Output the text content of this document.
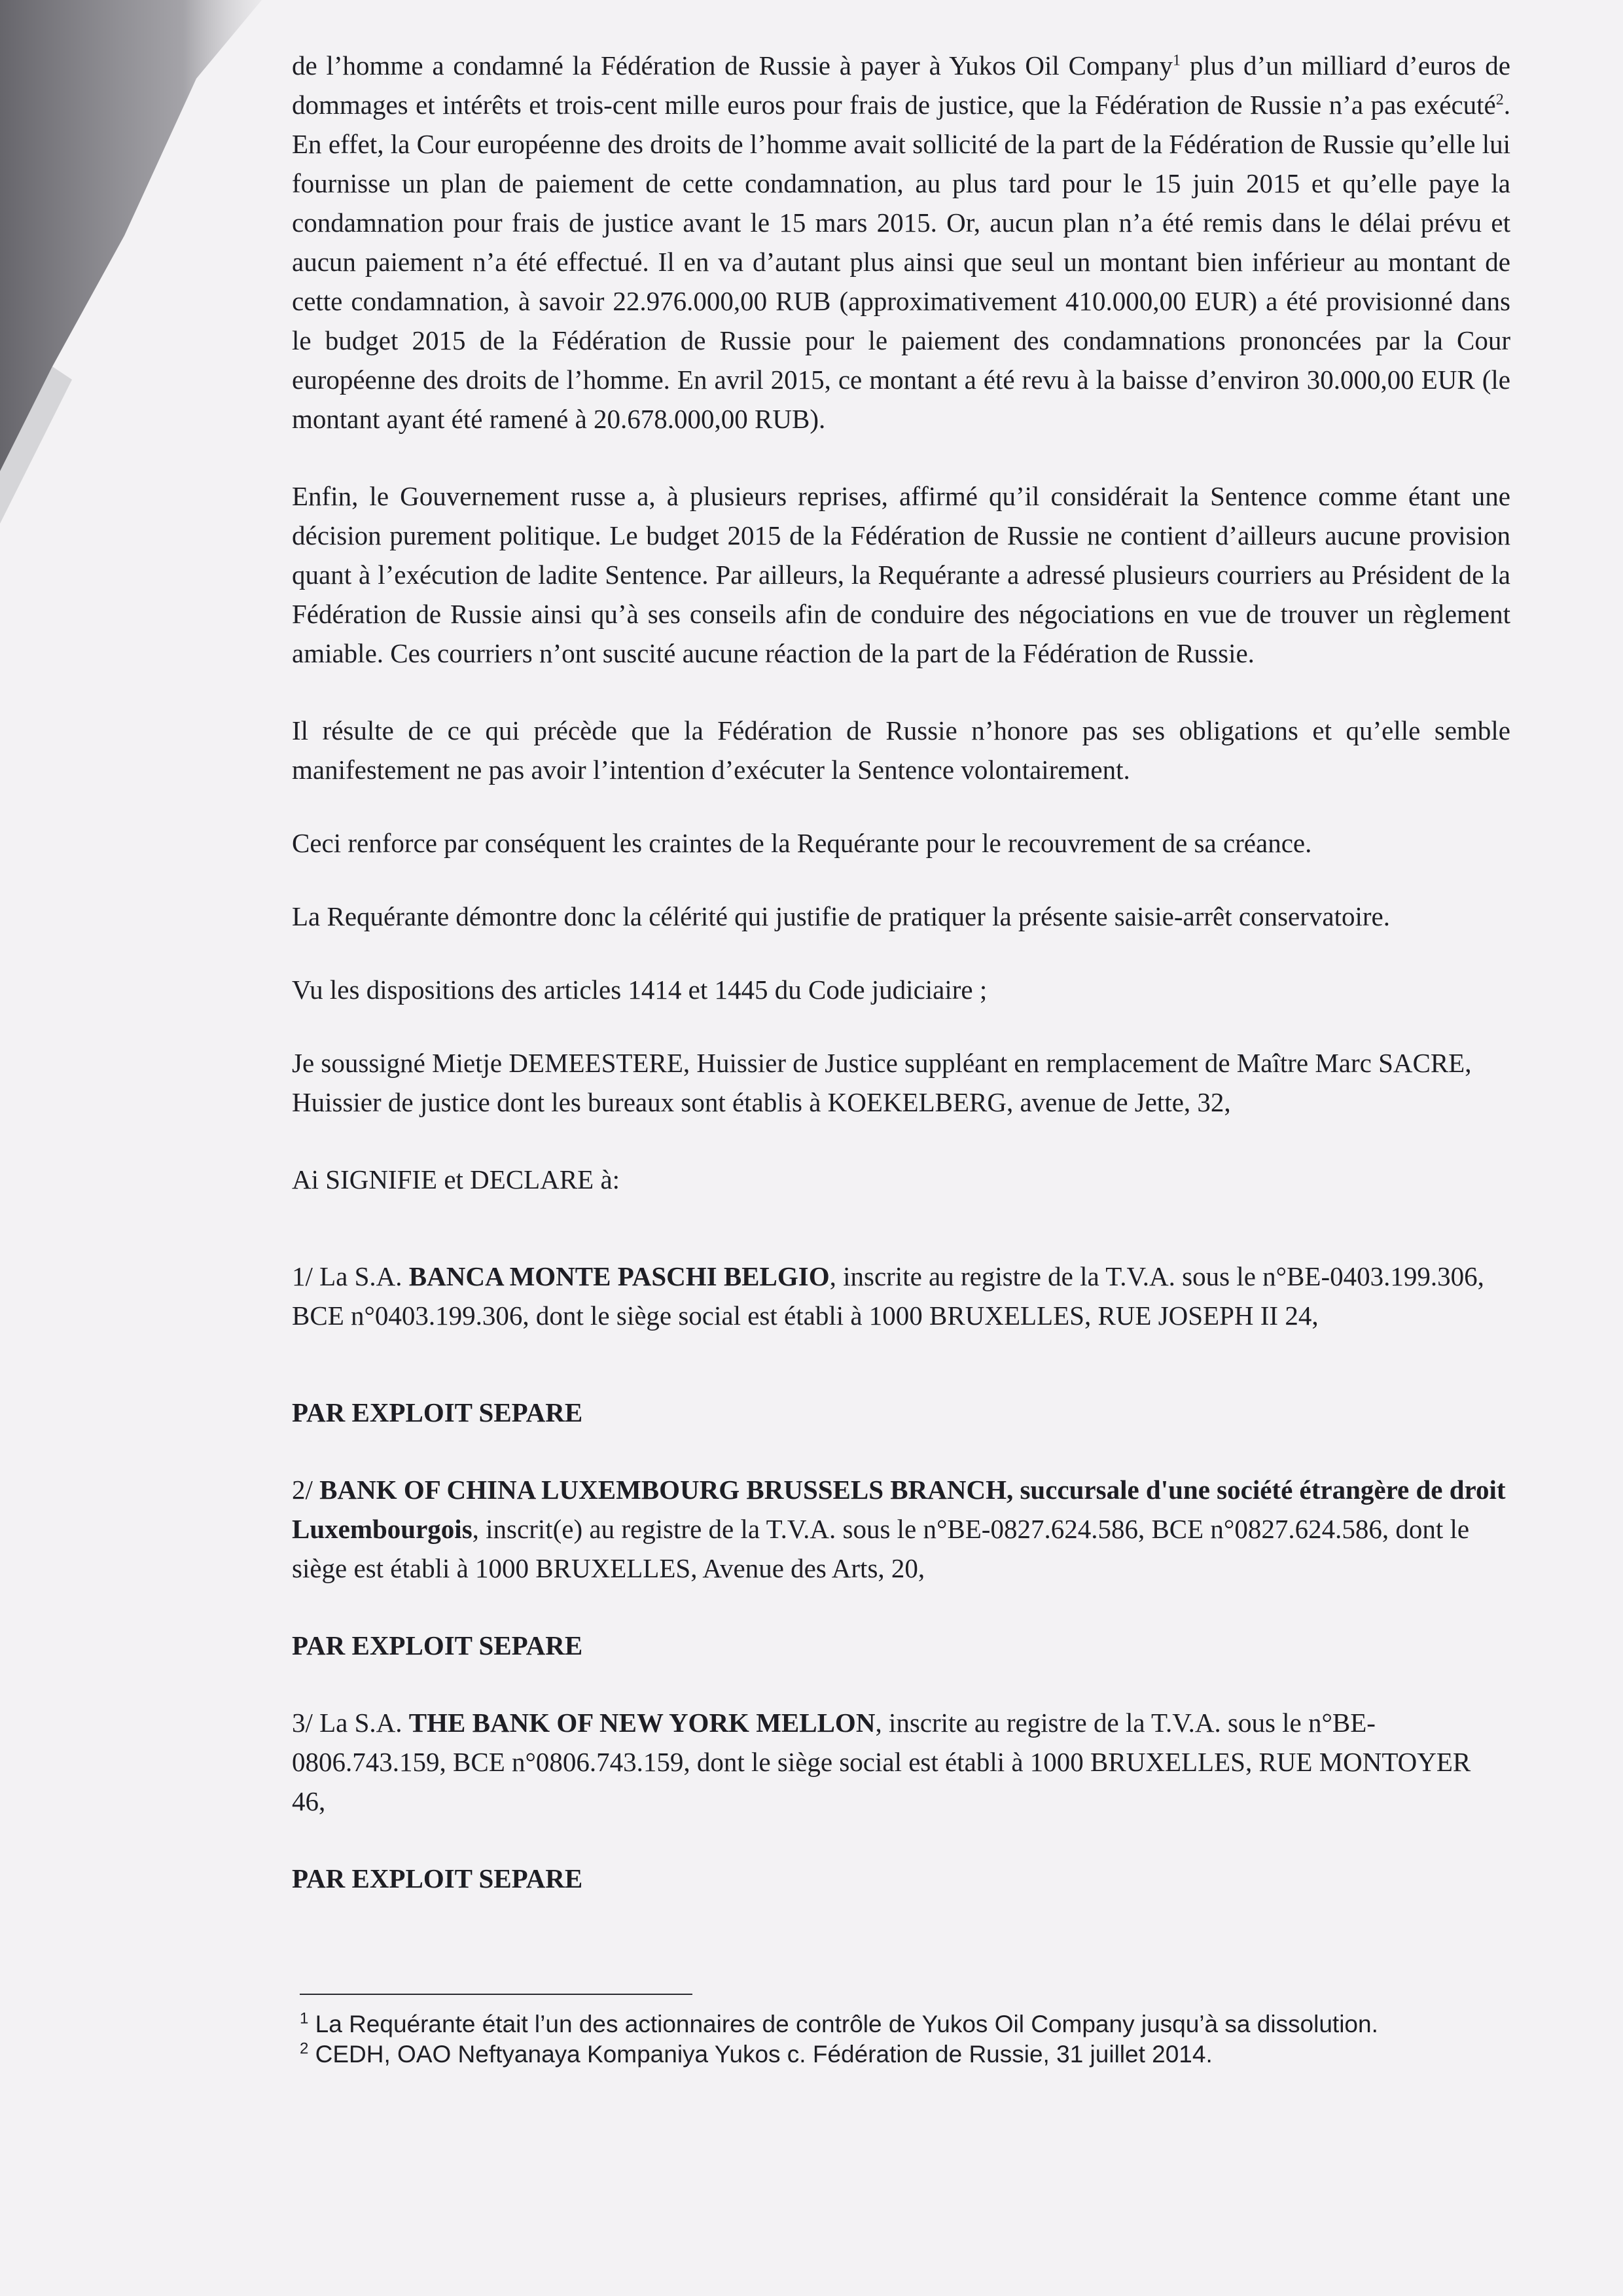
de l’homme a condamné la Fédération de Russie à payer à Yukos Oil Company$^1$ plus d’un milliard d’euros de dommages et intérêts et trois-cent mille euros pour frais de justice, que la Fédération de Russie n’a pas exécuté$^2$. En effet, la Cour européenne des droits de l’homme avait sollicité de la part de la Fédération de Russie qu’elle lui fournisse un plan de paiement de cette condamnation, au plus tard pour le 15 juin 2015 et qu’elle paye la condamnation pour frais de justice avant le 15 mars 2015. Or, aucun plan n’a été remis dans le délai prévu et aucun paiement n’a été effectué. Il en va d’autant plus ainsi que seul un montant bien inférieur au montant de cette condamnation, à savoir 22.976.000,00 RUB (approximativement 410.000,00 EUR) a été provisionné dans le budget 2015 de la Fédération de Russie pour le paiement des condamnations prononcées par la Cour européenne des droits de l’homme. En avril 2015, ce montant a été revu à la baisse d’environ 30.000,00 EUR (le montant ayant été ramené à 20.678.000,00 RUB).

Enfin, le Gouvernement russe a, à plusieurs reprises, affirmé qu’il considérait la Sentence comme étant une décision purement politique. Le budget 2015 de la Fédération de Russie ne contient d’ailleurs aucune provision quant à l’exécution de ladite Sentence. Par ailleurs, la Requérante a adressé plusieurs courriers au Président de la Fédération de Russie ainsi qu’à ses conseils afin de conduire des négociations en vue de trouver un règlement amiable. Ces courriers n’ont suscité aucune réaction de la part de la Fédération de Russie.

Il résulte de ce qui précède que la Fédération de Russie n’honore pas ses obligations et qu’elle semble manifestement ne pas avoir l’intention d’exécuter la Sentence volontairement.

Ceci renforce par conséquent les craintes de la Requérante pour le recouvrement de sa créance.

La Requérante démontre donc la célérité qui justifie de pratiquer la présente saisie-arrêt conservatoire.

Vu les dispositions des articles 1414 et 1445 du Code judiciaire ;

Je soussigné Mietje DEMEESTERE, Huissier de Justice suppléant en remplacement de Maître Marc SACRE, Huissier de justice dont les bureaux sont établis à KOEKELBERG, avenue de Jette, 32,

Ai SIGNIFIE et DECLARE à:

1/ La S.A. BANCA MONTE PASCHI BELGIO, inscrite au registre de la T.V.A. sous le n°BE-0403.199.306, BCE n°0403.199.306, dont le siège social est établi à 1000 BRUXELLES, RUE JOSEPH II 24,

PAR EXPLOIT SEPARE

2/ BANK OF CHINA LUXEMBOURG BRUSSELS BRANCH, succursale d'une société étrangère de droit Luxembourgois, inscrit(e) au registre de la T.V.A. sous le n°BE-0827.624.586, BCE n°0827.624.586, dont le siège est établi à 1000 BRUXELLES, Avenue des Arts, 20,

PAR EXPLOIT SEPARE

3/ La S.A. THE BANK OF NEW YORK MELLON, inscrite au registre de la T.V.A. sous le n°BE-0806.743.159, BCE n°0806.743.159, dont le siège social est établi à 1000 BRUXELLES, RUE MONTOYER 46,

PAR EXPLOIT SEPARE

$^1$ La Requérante était l’un des actionnaires de contrôle de Yukos Oil Company jusqu’à sa dissolution.

$^2$ CEDH, OAO Neftyanaya Kompaniya Yukos c. Fédération de Russie, 31 juillet 2014.
